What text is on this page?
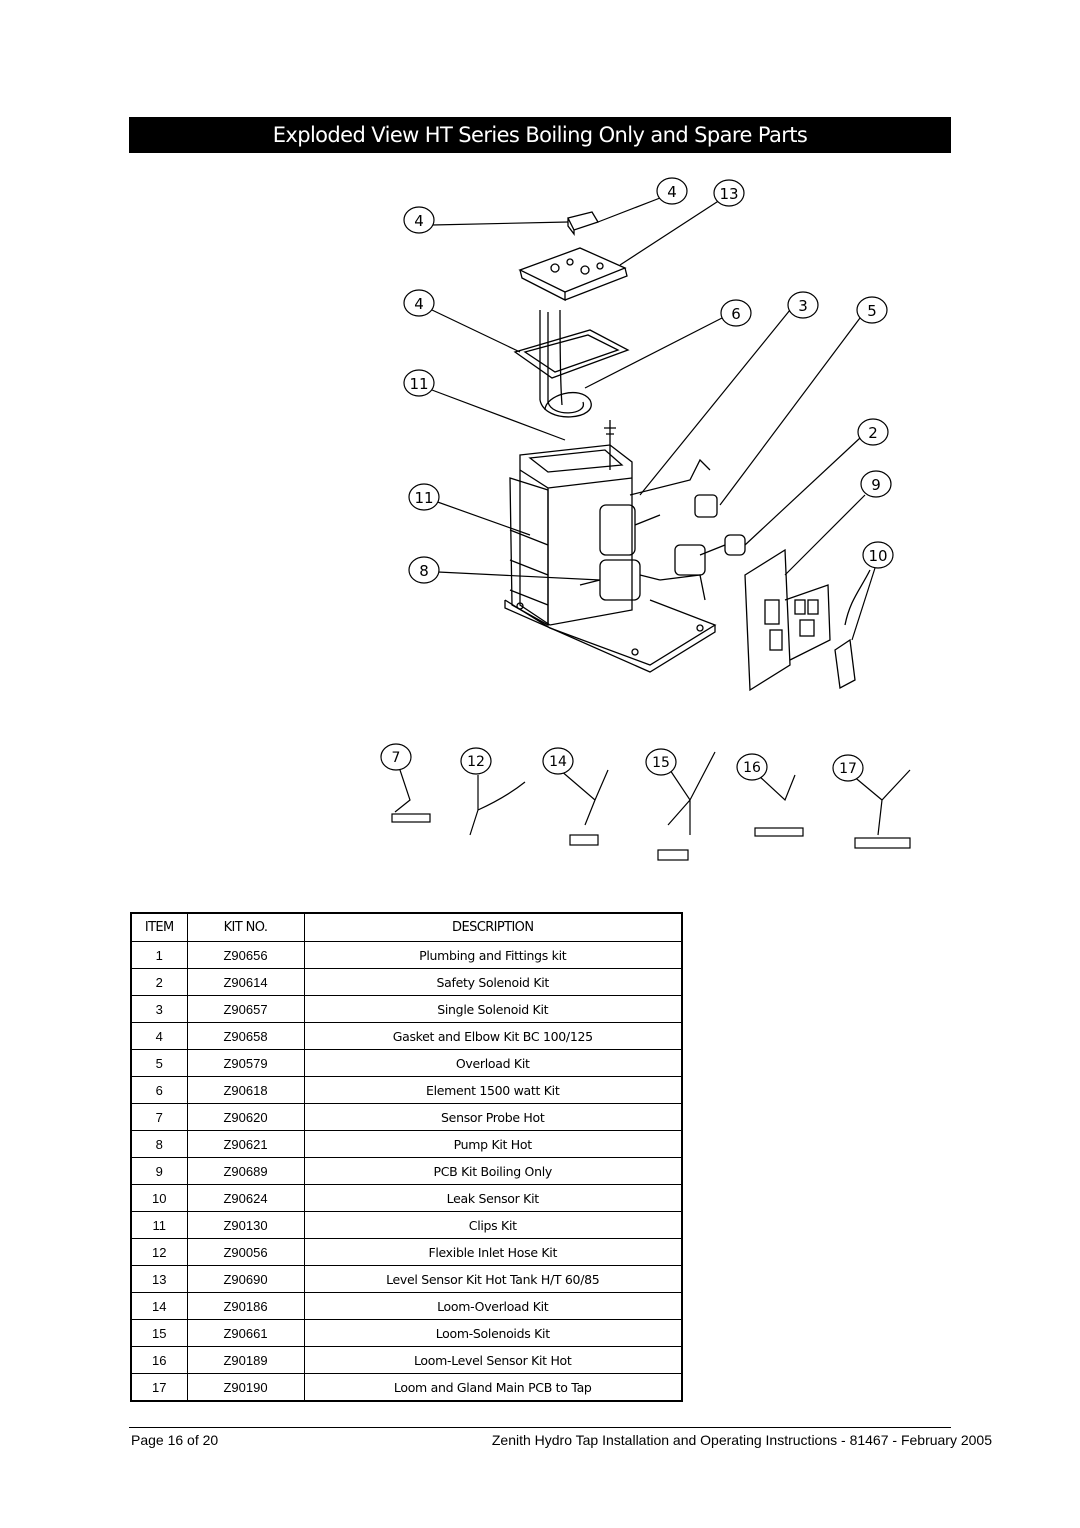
Exploded View HT Series Boiling Only and Spare Parts
4
4	13
4
6	3	5
11
2
9
11
10
8
7	12	14	15	16	17
ITEM	KIT NO.	DESCRIPTION
1	Z90656	Plumbing and Fittings kit
2	Z90614	Safety Solenoid Kit
3	Z90657	Single Solenoid Kit
4	Z90658	Gasket and Elbow Kit BC 100/125
5	Z90579	Overload Kit
6	Z90618	Element 1500 watt Kit
7	Z90620	Sensor Probe Hot
8	Z90621	Pump Kit Hot
9	Z90689	PCB Kit Boiling Only
10	Z90624	Leak Sensor Kit
11	Z90130	Clips Kit
12	Z90056	Flexible Inlet Hose Kit
13	Z90690	Level Sensor Kit Hot Tank H/T 60/85
14	Z90186	Loom-Overload Kit
15	Z90661	Loom-Solenoids Kit
16	Z90189	Loom-Level Sensor Kit Hot
17	Z90190	Loom and Gland Main PCB to Tap
Page 16 of 20	Zenith Hydro Tap Installation and Operating Instructions - 81467 - February 2005
